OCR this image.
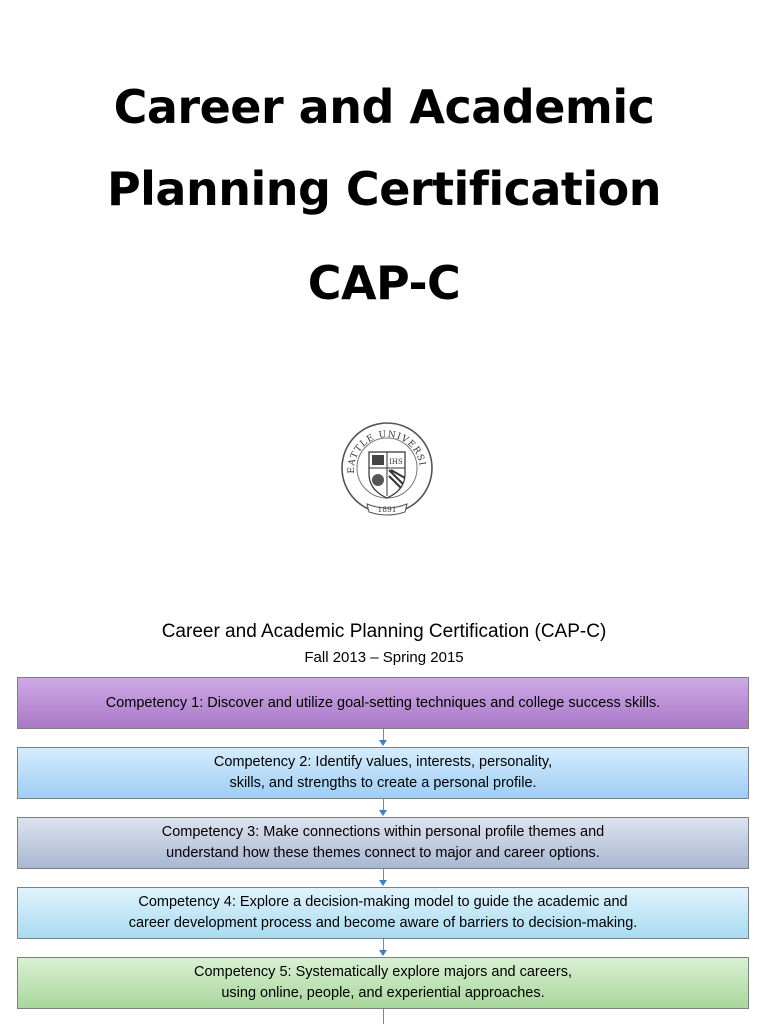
Career and Academic
Planning Certification
CAP-C
EATTLE UNIVERSI
IHS
1891
Career and Academic Planning Certification (CAP-C)
Fall 2013 – Spring 2015
Competency 1: Discover and utilize goal-setting techniques and college success skills.
Competency 2: Identify values, interests, personality,
skills, and strengths to create a personal profile.
Competency 3: Make connections within personal profile themes and
understand how these themes connect to major and career options.
Competency 4: Explore a decision-making model to guide the academic and
career development process and become aware of barriers to decision-making.
Competency 5: Systematically explore majors and careers,
using online, people, and experiential approaches.
